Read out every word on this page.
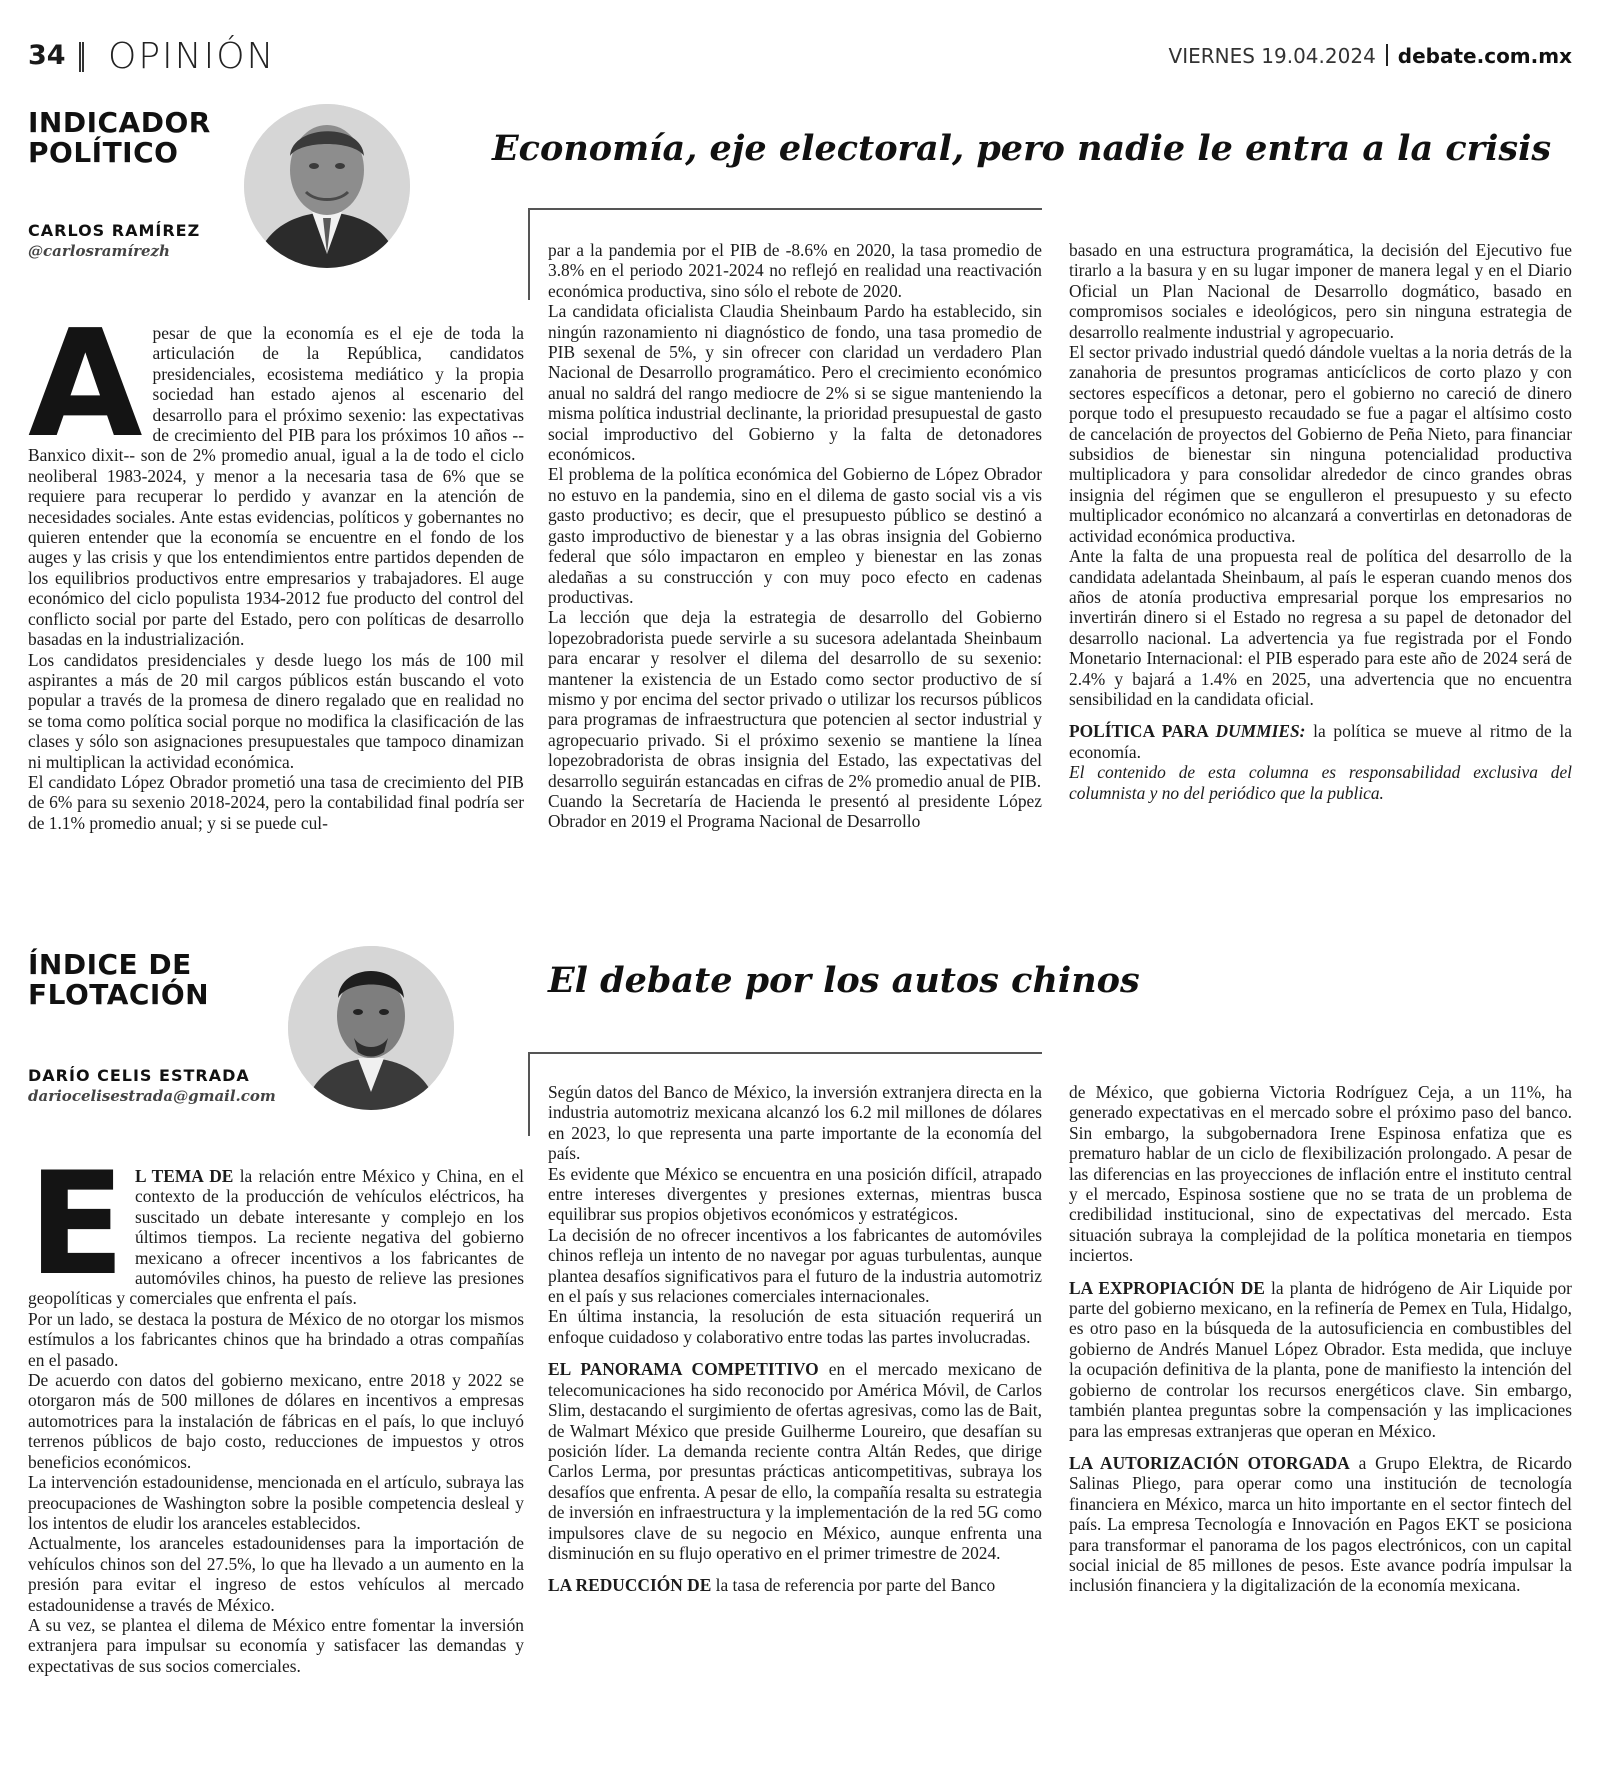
34 OPINIÓN	VIERNES 19.04.2024 debate.com.mx
INDICADOR
POLÍTICO
CARLOS RAMÍREZ
@carlosramírezh
Economía, eje electoral, pero nadie le entra a la crisis
A pesar de que la economía es el eje de toda la articulación de la República, candidatos presidenciales, ecosistema mediático y la propia sociedad han estado ajenos al escenario del desarrollo para el próximo sexenio: las expectativas de crecimiento del PIB para los próximos 10 años --Banxico dixit-- son de 2% promedio anual, igual a la de todo el ciclo neoliberal 1983-2024, y menor a la necesaria tasa de 6% que se requiere para recuperar lo perdido y avanzar en la atención de necesidades sociales. Ante estas evidencias, políticos y gobernantes no quieren entender que la economía se encuentre en el fondo de los auges y las crisis y que los entendimientos entre partidos dependen de los equilibrios productivos entre empresarios y trabajadores. El auge económico del ciclo populista 1934-2012 fue producto del control del conflicto social por parte del Estado, pero con políticas de desarrollo basadas en la industrialización.

Los candidatos presidenciales y desde luego los más de 100 mil aspirantes a más de 20 mil cargos públicos están buscando el voto popular a través de la promesa de dinero regalado que en realidad no se toma como política social porque no modifica la clasificación de las clases y sólo son asignaciones presupuestales que tampoco dinamizan ni multiplican la actividad económica.

El candidato López Obrador prometió una tasa de crecimiento del PIB de 6% para su sexenio 2018-2024, pero la contabilidad final podría ser de 1.1% promedio anual; y si se puede cul-

par a la pandemia por el PIB de -8.6% en 2020, la tasa promedio de 3.8% en el periodo 2021-2024 no reflejó en realidad una reactivación económica productiva, sino sólo el rebote de 2020.

La candidata oficialista Claudia Sheinbaum Pardo ha establecido, sin ningún razonamiento ni diagnóstico de fondo, una tasa promedio de PIB sexenal de 5%, y sin ofrecer con claridad un verdadero Plan Nacional de Desarrollo programático. Pero el crecimiento económico anual no saldrá del rango mediocre de 2% si se sigue manteniendo la misma política industrial declinante, la prioridad presupuestal de gasto social improductivo del Gobierno y la falta de detonadores económicos.

El problema de la política económica del Gobierno de López Obrador no estuvo en la pandemia, sino en el dilema de gasto social vis a vis gasto productivo; es decir, que el presupuesto público se destinó a gasto improductivo de bienestar y a las obras insignia del Gobierno federal que sólo impactaron en empleo y bienestar en las zonas aledañas a su construcción y con muy poco efecto en cadenas productivas.

La lección que deja la estrategia de desarrollo del Gobierno lopezobradorista puede servirle a su sucesora adelantada Sheinbaum para encarar y resolver el dilema del desarrollo de su sexenio: mantener la existencia de un Estado como sector productivo de sí mismo y por encima del sector privado o utilizar los recursos públicos para programas de infraestructura que potencien al sector industrial y agropecuario privado. Si el próximo sexenio se mantiene la línea lopezobradorista de obras insignia del Estado, las expectativas del desarrollo seguirán estancadas en cifras de 2% promedio anual de PIB.

Cuando la Secretaría de Hacienda le presentó al presidente López Obrador en 2019 el Programa Nacional de Desarrollo

basado en una estructura programática, la decisión del Ejecutivo fue tirarlo a la basura y en su lugar imponer de manera legal y en el Diario Oficial un Plan Nacional de Desarrollo dogmático, basado en compromisos sociales e ideológicos, pero sin ninguna estrategia de desarrollo realmente industrial y agropecuario.

El sector privado industrial quedó dándole vueltas a la noria detrás de la zanahoria de presuntos programas anticíclicos de corto plazo y con sectores específicos a detonar, pero el gobierno no careció de dinero porque todo el presupuesto recaudado se fue a pagar el altísimo costo de cancelación de proyectos del Gobierno de Peña Nieto, para financiar subsidios de bienestar sin ninguna potencialidad productiva multiplicadora y para consolidar alrededor de cinco grandes obras insignia del régimen que se engulleron el presupuesto y su efecto multiplicador económico no alcanzará a convertirlas en detonadoras de actividad económica productiva.

Ante la falta de una propuesta real de política del desarrollo de la candidata adelantada Sheinbaum, al país le esperan cuando menos dos años de atonía productiva empresarial porque los empresarios no invertirán dinero si el Estado no regresa a su papel de detonador del desarrollo nacional. La advertencia ya fue registrada por el Fondo Monetario Internacional: el PIB esperado para este año de 2024 será de 2.4% y bajará a 1.4% en 2025, una advertencia que no encuentra sensibilidad en la candidata oficial.

POLÍTICA PARA DUMMIES: la política se mueve al ritmo de la economía.

El contenido de esta columna es responsabilidad exclusiva del columnista y no del periódico que la publica.

ÍNDICE DE
FLOTACIÓN
DARÍO CELIS ESTRADA
dariocelisestrada@gmail.com
El debate por los autos chinos
E L TEMA DE la relación entre México y China, en el contexto de la producción de vehículos eléctricos, ha suscitado un debate interesante y complejo en los últimos tiempos. La reciente negativa del gobierno mexicano a ofrecer incentivos a los fabricantes de automóviles chinos, ha puesto de relieve las presiones geopolíticas y comerciales que enfrenta el país.

Por un lado, se destaca la postura de México de no otorgar los mismos estímulos a los fabricantes chinos que ha brindado a otras compañías en el pasado.

De acuerdo con datos del gobierno mexicano, entre 2018 y 2022 se otorgaron más de 500 millones de dólares en incentivos a empresas automotrices para la instalación de fábricas en el país, lo que incluyó terrenos públicos de bajo costo, reducciones de impuestos y otros beneficios económicos.

La intervención estadounidense, mencionada en el artículo, subraya las preocupaciones de Washington sobre la posible competencia desleal y los intentos de eludir los aranceles establecidos.

Actualmente, los aranceles estadounidenses para la importación de vehículos chinos son del 27.5%, lo que ha llevado a un aumento en la presión para evitar el ingreso de estos vehículos al mercado estadounidense a través de México.

A su vez, se plantea el dilema de México entre fomentar la inversión extranjera para impulsar su economía y satisfacer las demandas y expectativas de sus socios comerciales.

Según datos del Banco de México, la inversión extranjera directa en la industria automotriz mexicana alcanzó los 6.2 mil millones de dólares en 2023, lo que representa una parte importante de la economía del país.

Es evidente que México se encuentra en una posición difícil, atrapado entre intereses divergentes y presiones externas, mientras busca equilibrar sus propios objetivos económicos y estratégicos.

La decisión de no ofrecer incentivos a los fabricantes de automóviles chinos refleja un intento de no navegar por aguas turbulentas, aunque plantea desafíos significativos para el futuro de la industria automotriz en el país y sus relaciones comerciales internacionales.

En última instancia, la resolución de esta situación requerirá un enfoque cuidadoso y colaborativo entre todas las partes involucradas.

EL PANORAMA COMPETITIVO en el mercado mexicano de telecomunicaciones ha sido reconocido por América Móvil, de Carlos Slim, destacando el surgimiento de ofertas agresivas, como las de Bait, de Walmart México que preside Guilherme Loureiro, que desafían su posición líder. La demanda reciente contra Altán Redes, que dirige Carlos Lerma, por presuntas prácticas anticompetitivas, subraya los desafíos que enfrenta. A pesar de ello, la compañía resalta su estrategia de inversión en infraestructura y la implementación de la red 5G como impulsores clave de su negocio en México, aunque enfrenta una disminución en su flujo operativo en el primer trimestre de 2024.

LA REDUCCIÓN DE la tasa de referencia por parte del Banco

de México, que gobierna Victoria Rodríguez Ceja, a un 11%, ha generado expectativas en el mercado sobre el próximo paso del banco. Sin embargo, la subgobernadora Irene Espinosa enfatiza que es prematuro hablar de un ciclo de flexibilización prolongado. A pesar de las diferencias en las proyecciones de inflación entre el instituto central y el mercado, Espinosa sostiene que no se trata de un problema de credibilidad institucional, sino de expectativas del mercado. Esta situación subraya la complejidad de la política monetaria en tiempos inciertos.

LA EXPROPIACIÓN DE la planta de hidrógeno de Air Liquide por parte del gobierno mexicano, en la refinería de Pemex en Tula, Hidalgo, es otro paso en la búsqueda de la autosuficiencia en combustibles del gobierno de Andrés Manuel López Obrador. Esta medida, que incluye la ocupación definitiva de la planta, pone de manifiesto la intención del gobierno de controlar los recursos energéticos clave. Sin embargo, también plantea preguntas sobre la compensación y las implicaciones para las empresas extranjeras que operan en México.

LA AUTORIZACIÓN OTORGADA a Grupo Elektra, de Ricardo Salinas Pliego, para operar como una institución de tecnología financiera en México, marca un hito importante en el sector fintech del país. La empresa Tecnología e Innovación en Pagos EKT se posiciona para transformar el panorama de los pagos electrónicos, con un capital social inicial de 85 millones de pesos. Este avance podría impulsar la inclusión financiera y la digitalización de la economía mexicana.
